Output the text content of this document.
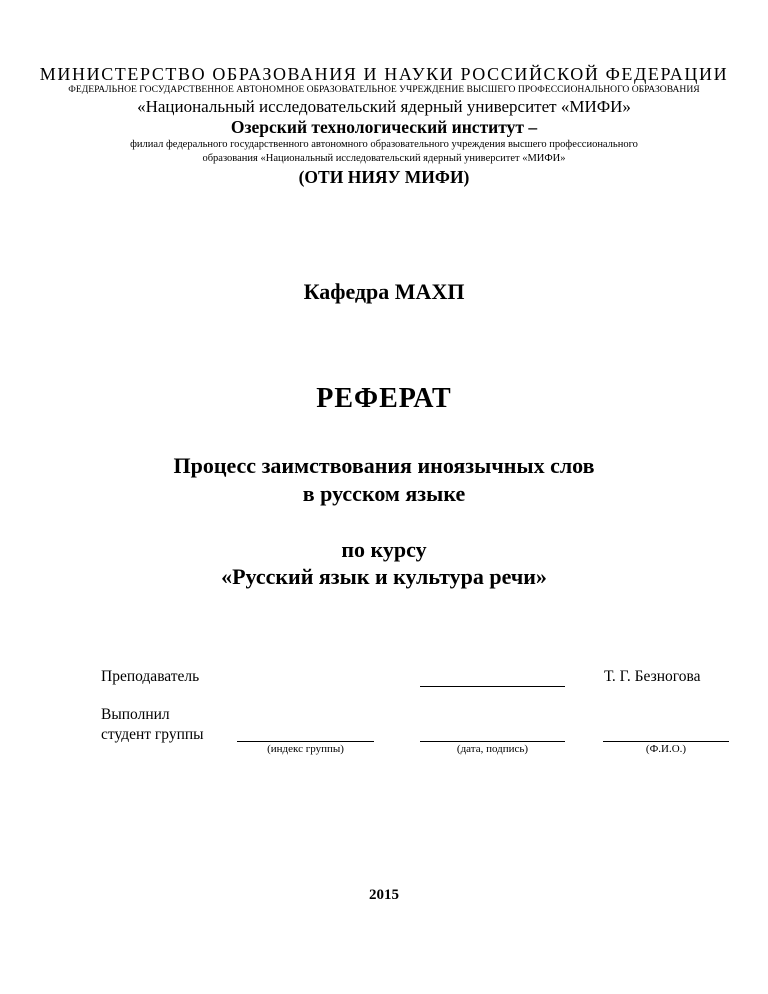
МИНИСТЕРСТВО ОБРАЗОВАНИЯ И НАУКИ РОССИЙСКОЙ ФЕДЕРАЦИИ
ФЕДЕРАЛЬНОЕ ГОСУДАРСТВЕННОЕ АВТОНОМНОЕ ОБРАЗОВАТЕЛЬНОЕ УЧРЕЖДЕНИЕ ВЫСШЕГО ПРОФЕССИОНАЛЬНОГО ОБРАЗОВАНИЯ
«Национальный исследовательский ядерный университет «МИФИ»
Озерский технологический институт –
филиал федерального государственного автономного образовательного учреждения высшего профессионального
образования «Национальный исследовательский ядерный университет «МИФИ»
(ОТИ НИЯУ МИФИ)
Кафедра МАХП
РЕФЕРАТ
Процесс заимствования иноязычных слов
в русском языке
по курсу
«Русский язык и культура речи»
Преподаватель	Т. Г. Безногова
Выполнил
студент группы
(индекс группы)	(дата, подпись)	(Ф.И.О.)
2015
